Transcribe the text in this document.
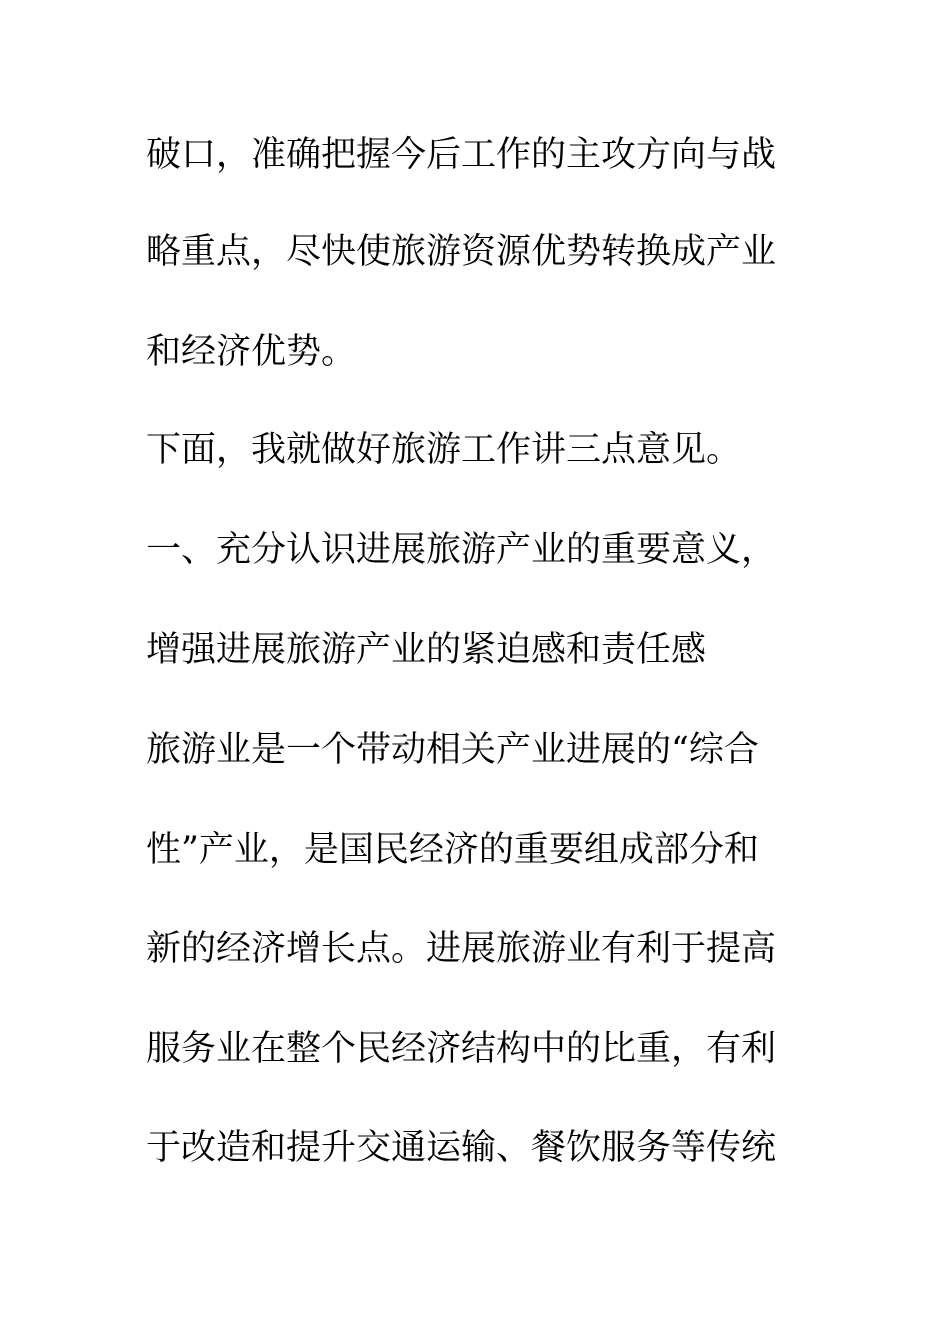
破口，准确把握今后工作的主攻方向与战

略重点，尽快使旅游资源优势转换成产业

和经济优势。

下面，我就做好旅游工作讲三点意见。

一、充分认识进展旅游产业的重要意义，

增强进展旅游产业的紧迫感和责任感

旅游业是一个带动相关产业进展的“综合

性”产业，是国民经济的重要组成部分和

新的经济增长点。进展旅游业有利于提高

服务业在整个民经济结构中的比重，有利

于改造和提升交通运输、餐饮服务等传统
